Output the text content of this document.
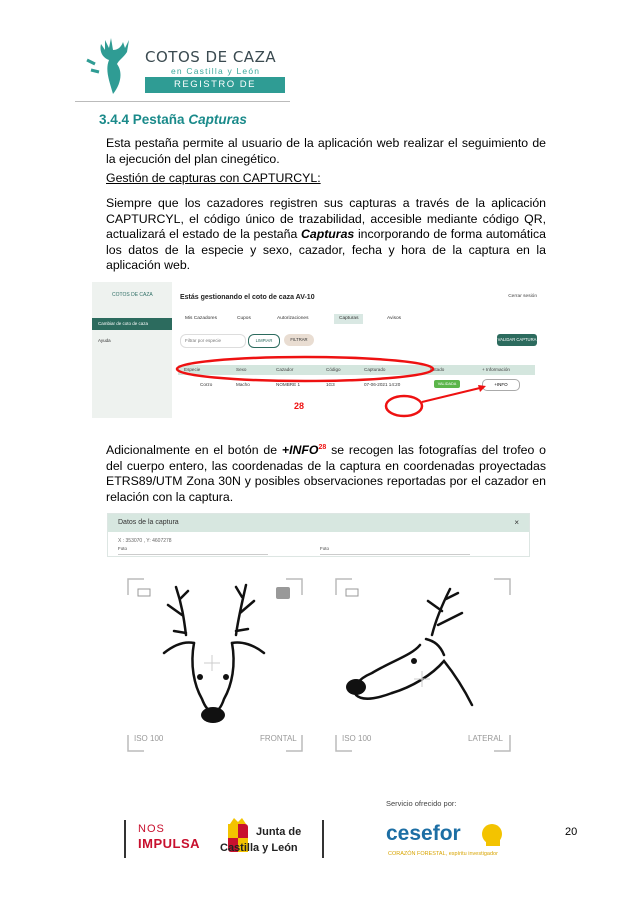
COTOS DE CAZA
en Castilla y León
REGISTRO DE
3.4.4 Pestaña Capturas
Esta pestaña permite al usuario de la aplicación web realizar el seguimiento de la ejecución del plan cinegético.
Gestión de capturas con CAPTURCYL:
Siempre que los cazadores registren sus capturas a través de la aplicación CAPTURCYL, el código único de trazabilidad, accesible mediante código QR, actualizará el estado de la pestaña Capturas incorporando de forma automática los datos de la especie y sexo, cazador, fecha y hora de la captura en la aplicación web.
COTOS DE CAZA
Cambiar de coto de caza
Ayuda
Estás gestionando el coto de caza AV-10	Cerrar sesión
Mis Cazadores	Cupos	Autorizaciones	Capturas	Avisos
Filtrar por especie	LIMPIAR	FILTRAR	VALIDAR CAPTURA
Especie	Sexo	Cazador	Código	Capturado	Estado	+ Información
Corzo	Macho	NOMBRE 1	1G3	07-06-2021 14:20	VALIDADA	+INFO
28
Adicionalmente en el botón de $+INFO^{28}$ se recogen las fotografías del trofeo o del cuerpo entero, las coordenadas de la captura en coordenadas proyectadas ETRS89/UTM Zona 30N y posibles observaciones reportadas por el cazador en relación con la captura.
Datos de la captura	×
X : 353070 , Y: 4607278
Foto	Foto
ISO 100	FRONTAL	ISO 100	LATERAL
Servicio ofrecido por:
NOS
IMPULSA
Junta de
Castilla y León
cesefor
CORAZÓN FORESTAL, espíritu investigador
20
